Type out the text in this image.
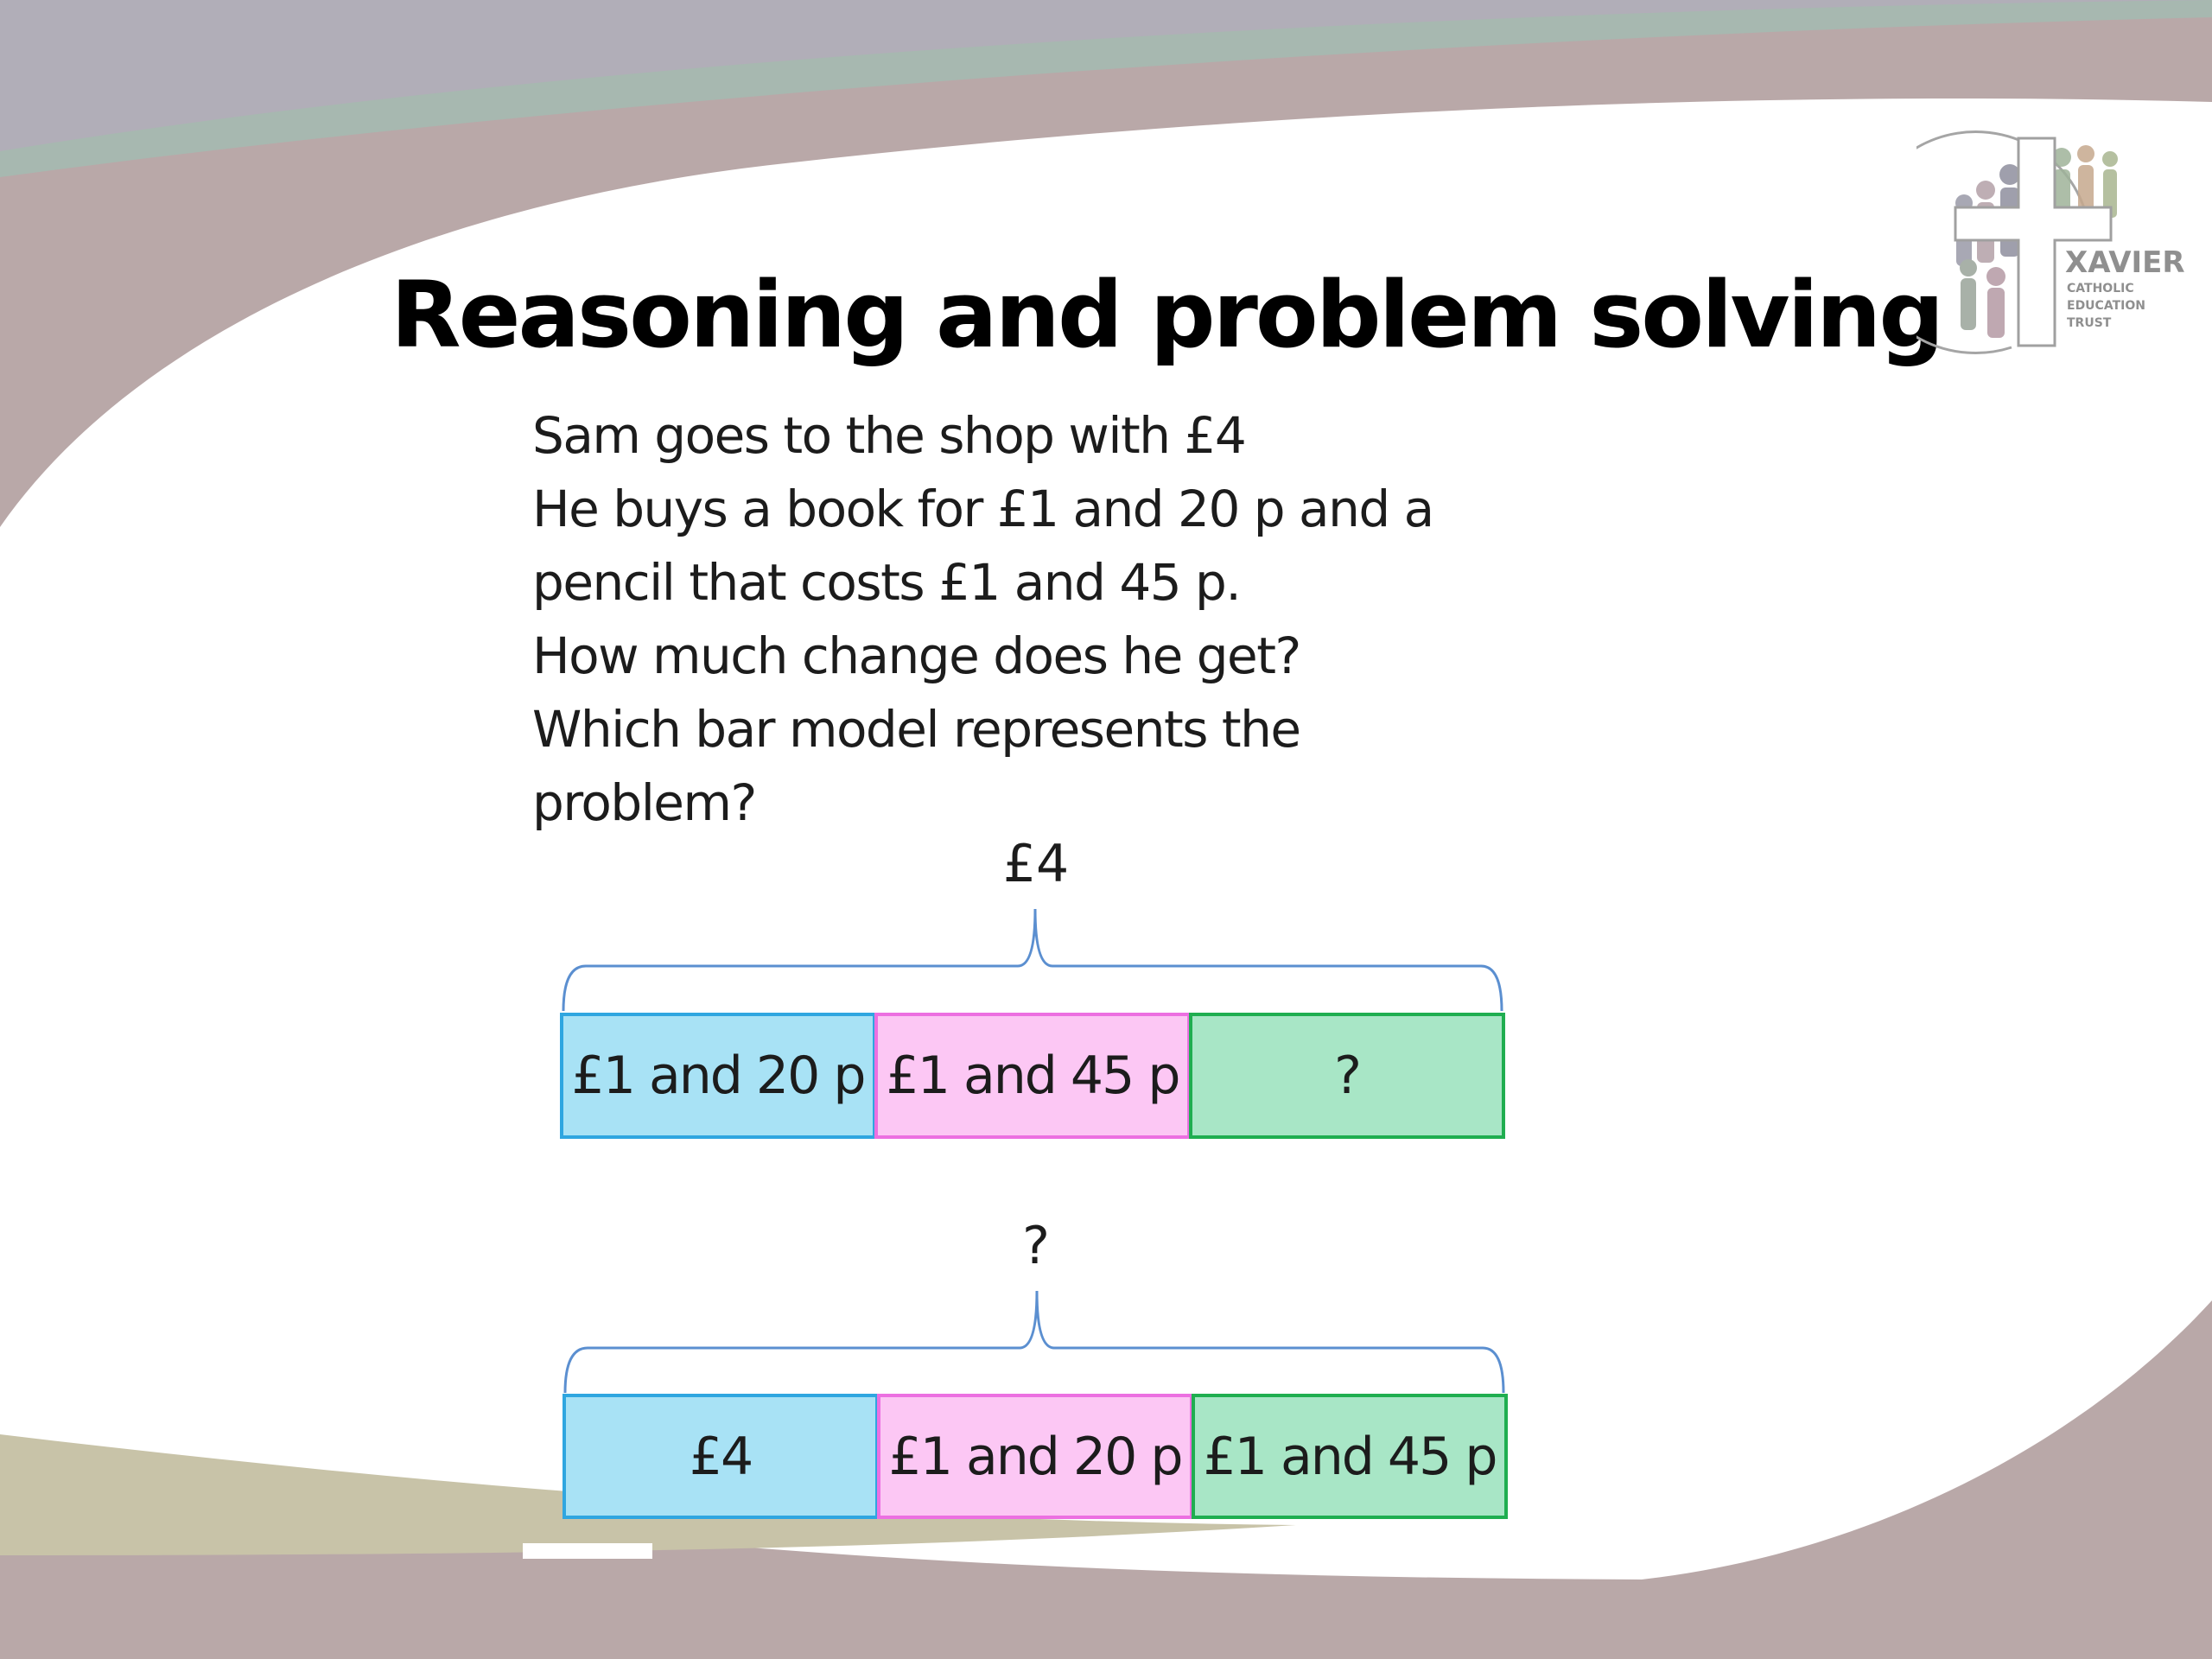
Reasoning and problem solving

Sam goes to the shop with £4

He buys a book for £1 and 20 p and a

pencil that costs £1 and 45 p.

How much change does he get?

Which bar model represents the

problem?

£4
£1 and 20 p £1 and 45 p	?
?
£4	£1 and 20 p £1 and 45 p
XAVIER
CATHOLIC
EDUCATION
TRUST
